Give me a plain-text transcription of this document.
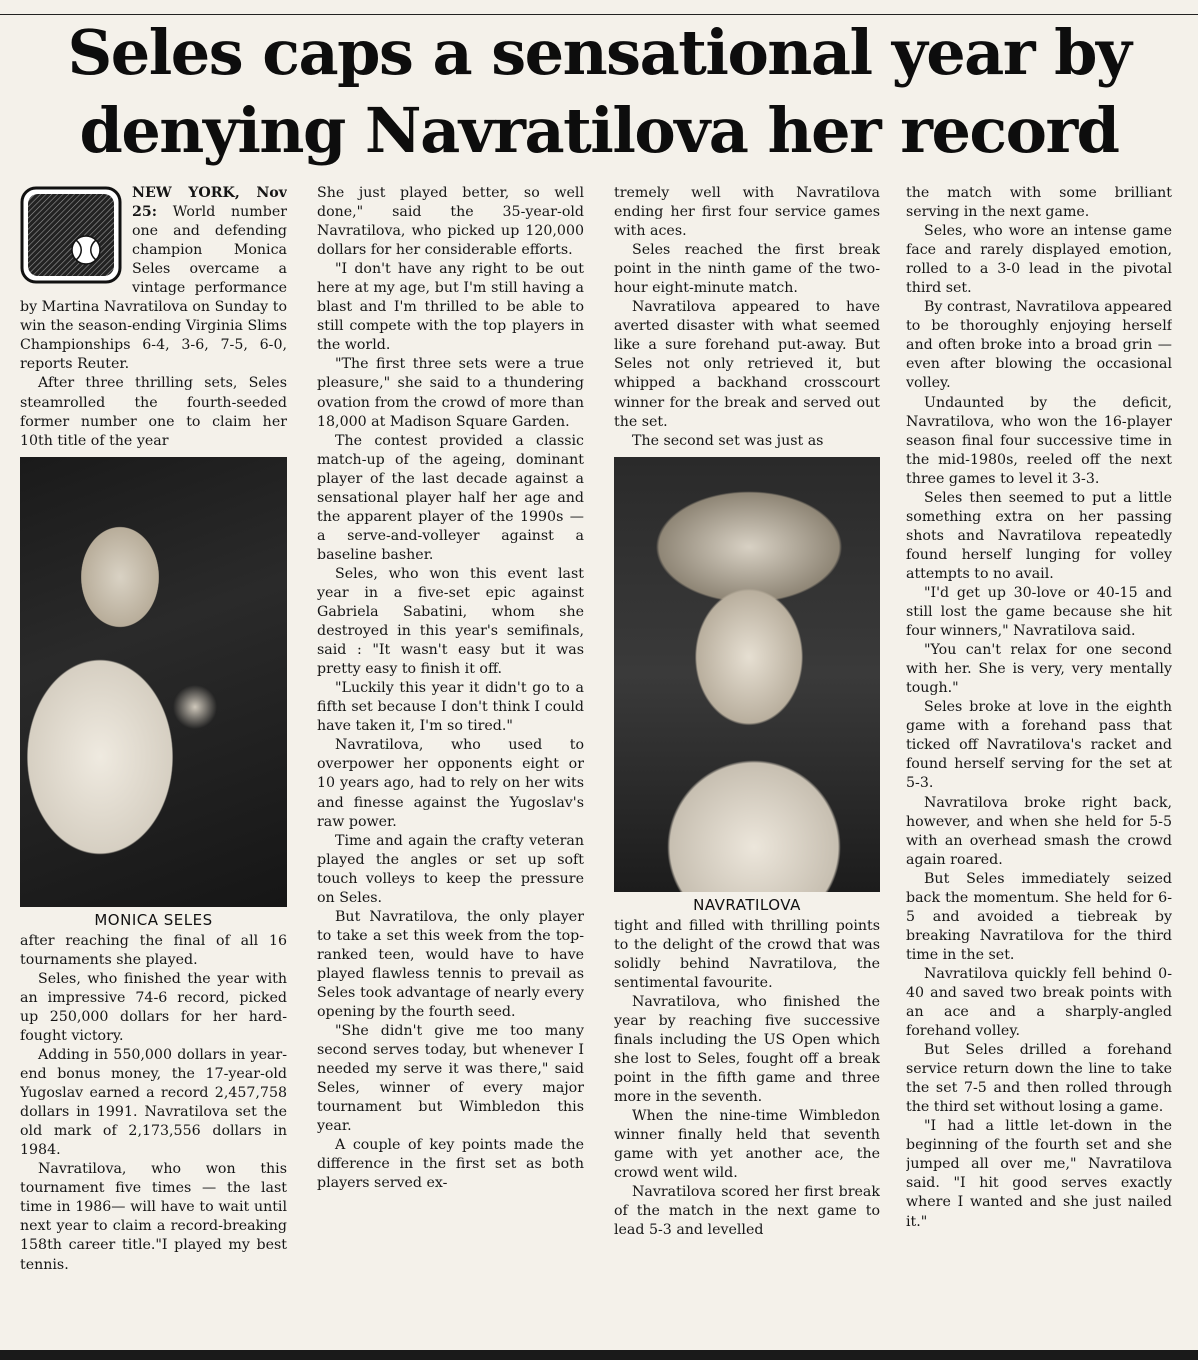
Seles caps a sensational year by
denying Navratilova her record

NEW YORK, Nov 25: World number one and defending champion Monica Seles overcame a vintage performance by Martina Navratilova on Sunday to win the season-ending Virginia Slims Championships 6-4, 3-6, 7-5, 6-0, reports Reuter.

After three thrilling sets, Seles steamrolled the fourth-seeded former number one to claim her 10th title of the year

MONICA SELES

after reaching the final of all 16 tournaments she played.

Seles, who finished the year with an impressive 74-6 record, picked up 250,000 dollars for her hard-fought victory.

Adding in 550,000 dollars in year-end bonus money, the 17-year-old Yugoslav earned a record 2,457,758 dollars in 1991. Navratilova set the old mark of 2,173,556 dollars in 1984.

Navratilova, who won this tournament five times — the last time in 1986— will have to wait until next year to claim a record-breaking 158th career title."I played my best tennis.

She just played better, so well done," said the 35-year-old Navratilova, who picked up 120,000 dollars for her considerable efforts.

"I don't have any right to be out here at my age, but I'm still having a blast and I'm thrilled to be able to still compete with the top players in the world.

"The first three sets were a true pleasure," she said to a thundering ovation from the crowd of more than 18,000 at Madison Square Garden.

The contest provided a classic match-up of the ageing, dominant player of the last decade against a sensational player half her age and the apparent player of the 1990s — a serve-and-volleyer against a baseline basher.

Seles, who won this event last year in a five-set epic against Gabriela Sabatini, whom she destroyed in this year's semifinals, said : "It wasn't easy but it was pretty easy to finish it off.

"Luckily this year it didn't go to a fifth set because I don't think I could have taken it, I'm so tired."

Navratilova, who used to overpower her opponents eight or 10 years ago, had to rely on her wits and finesse against the Yugoslav's raw power.

Time and again the crafty veteran played the angles or set up soft touch volleys to keep the pressure on Seles.

But Navratilova, the only player to take a set this week from the top-ranked teen, would have to have played flawless tennis to prevail as Seles took advantage of nearly every opening by the fourth seed.

"She didn't give me too many second serves today, but whenever I needed my serve it was there," said Seles, winner of every major tournament but Wimbledon this year.

A couple of key points made the difference in the first set as both players served ex-

tremely well with Navratilova ending her first four service games with aces.

Seles reached the first break point in the ninth game of the two-hour eight-minute match.

Navratilova appeared to have averted disaster with what seemed like a sure forehand put-away. But Seles not only retrieved it, but whipped a backhand crosscourt winner for the break and served out the set.

The second set was just as

NAVRATILOVA

tight and filled with thrilling points to the delight of the crowd that was solidly behind Navratilova, the sentimental favourite.

Navratilova, who finished the year by reaching five successive finals including the US Open which she lost to Seles, fought off a break point in the fifth game and three more in the seventh.

When the nine-time Wimbledon winner finally held that seventh game with yet another ace, the crowd went wild.

Navratilova scored her first break of the match in the next game to lead 5-3 and levelled

the match with some brilliant serving in the next game.

Seles, who wore an intense game face and rarely displayed emotion, rolled to a 3-0 lead in the pivotal third set.

By contrast, Navratilova appeared to be thoroughly enjoying herself and often broke into a broad grin — even after blowing the occasional volley.

Undaunted by the deficit, Navratilova, who won the 16-player season final four successive time in the mid-1980s, reeled off the next three games to level it 3-3.

Seles then seemed to put a little something extra on her passing shots and Navratilova repeatedly found herself lunging for volley attempts to no avail.

"I'd get up 30-love or 40-15 and still lost the game because she hit four winners," Navratilova said.

"You can't relax for one second with her. She is very, very mentally tough."

Seles broke at love in the eighth game with a forehand pass that ticked off Navratilova's racket and found herself serving for the set at 5-3.

Navratilova broke right back, however, and when she held for 5-5 with an overhead smash the crowd again roared.

But Seles immediately seized back the momentum. She held for 6-5 and avoided a tiebreak by breaking Navratilova for the third time in the set.

Navratilova quickly fell behind 0-40 and saved two break points with an ace and a sharply-angled forehand volley.

But Seles drilled a forehand service return down the line to take the set 7-5 and then rolled through the third set without losing a game.

"I had a little let-down in the beginning of the fourth set and she jumped all over me," Navratilova said. "I hit good serves exactly where I wanted and she just nailed it."
